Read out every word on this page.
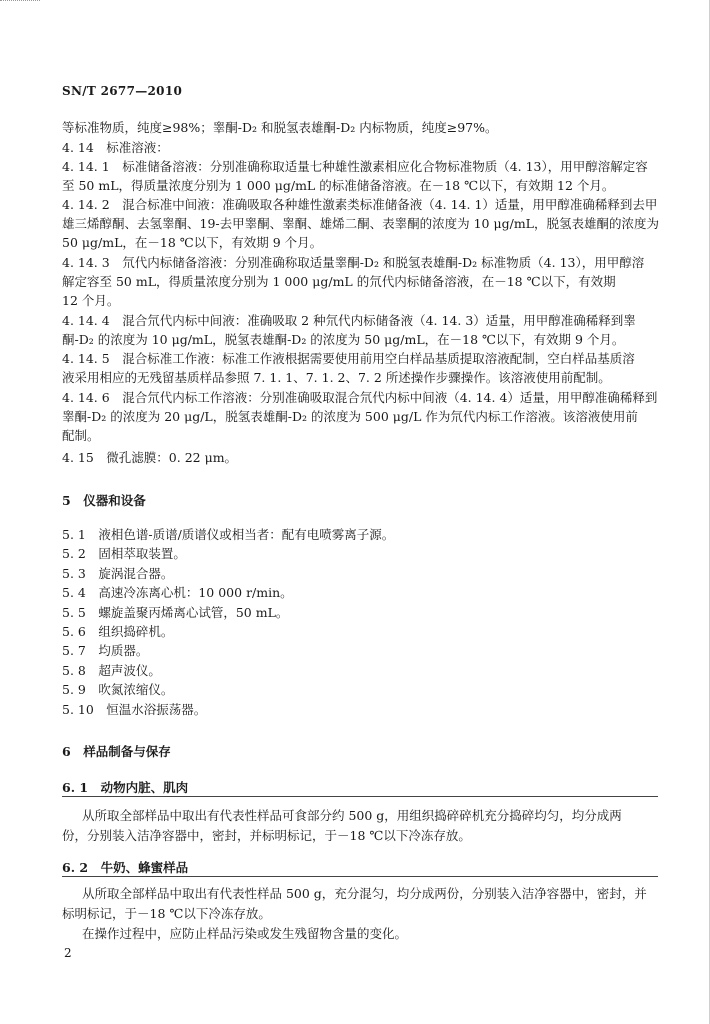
SN/T 2677—2010
等标准物质，纯度≥98%；睾酮-D₂ 和脱氢表雄酮-D₂ 内标物质，纯度≥97%。
4. 14　标准溶液：
4. 14. 1　标准储备溶液：分别准确称取适量七种雄性激素相应化合物标准物质（4. 13），用甲醇溶解定容
至 50 mL，得质量浓度分别为 1 000 μg/mL 的标准储备溶液。在－18 ℃以下，有效期 12 个月。
4. 14. 2　混合标准中间液：准确吸取各种雄性激素类标准储备液（4. 14. 1）适量，用甲醇准确稀释到去甲
雄三烯醇酮、去氢睾酮、19-去甲睾酮、睾酮、雄烯二酮、表睾酮的浓度为 10 μg/mL，脱氢表雄酮的浓度为
50 μg/mL，在－18 ℃以下，有效期 9 个月。
4. 14. 3　氘代内标储备溶液：分别准确称取适量睾酮-D₂ 和脱氢表雄酮-D₂ 标准物质（4. 13），用甲醇溶
解定容至 50 mL，得质量浓度分别为 1 000 μg/mL 的氘代内标储备溶液，在－18 ℃以下，有效期
12 个月。
4. 14. 4　混合氘代内标中间液：准确吸取 2 种氘代内标储备液（4. 14. 3）适量，用甲醇准确稀释到睾
酮-D₂ 的浓度为 10 μg/mL，脱氢表雄酮-D₂ 的浓度为 50 μg/mL，在－18 ℃以下，有效期 9 个月。
4. 14. 5　混合标准工作液：标准工作液根据需要使用前用空白样品基质提取溶液配制，空白样品基质溶
液采用相应的无残留基质样品参照 7. 1. 1、7. 1. 2、7. 2 所述操作步骤操作。该溶液使用前配制。
4. 14. 6　混合氘代内标工作溶液：分别准确吸取混合氘代内标中间液（4. 14. 4）适量，用甲醇准确稀释到
睾酮-D₂ 的浓度为 20 μg/L，脱氢表雄酮-D₂ 的浓度为 500 μg/L 作为氘代内标工作溶液。该溶液使用前
配制。
4. 15　微孔滤膜：0. 22 μm。
5　仪器和设备
5. 1　液相色谱-质谱/质谱仪或相当者：配有电喷雾离子源。
5. 2　固相萃取装置。
5. 3　旋涡混合器。
5. 4　高速冷冻离心机：10 000 r/min。
5. 5　螺旋盖聚丙烯离心试管，50 mL。
5. 6　组织捣碎机。
5. 7　均质器。
5. 8　超声波仪。
5. 9　吹氮浓缩仪。
5. 10　恒温水浴振荡器。
6　样品制备与保存
6. 1　动物内脏、肌肉
从所取全部样品中取出有代表性样品可食部分约 500 g，用组织捣碎碎机充分捣碎均匀，均分成两
份，分别装入洁净容器中，密封，并标明标记，于－18 ℃以下冷冻存放。
6. 2　牛奶、蜂蜜样品
从所取全部样品中取出有代表性样品 500 g，充分混匀，均分成两份，分别装入洁净容器中，密封，并
标明标记，于－18 ℃以下冷冻存放。
在操作过程中，应防止样品污染或发生残留物含量的变化。
2
